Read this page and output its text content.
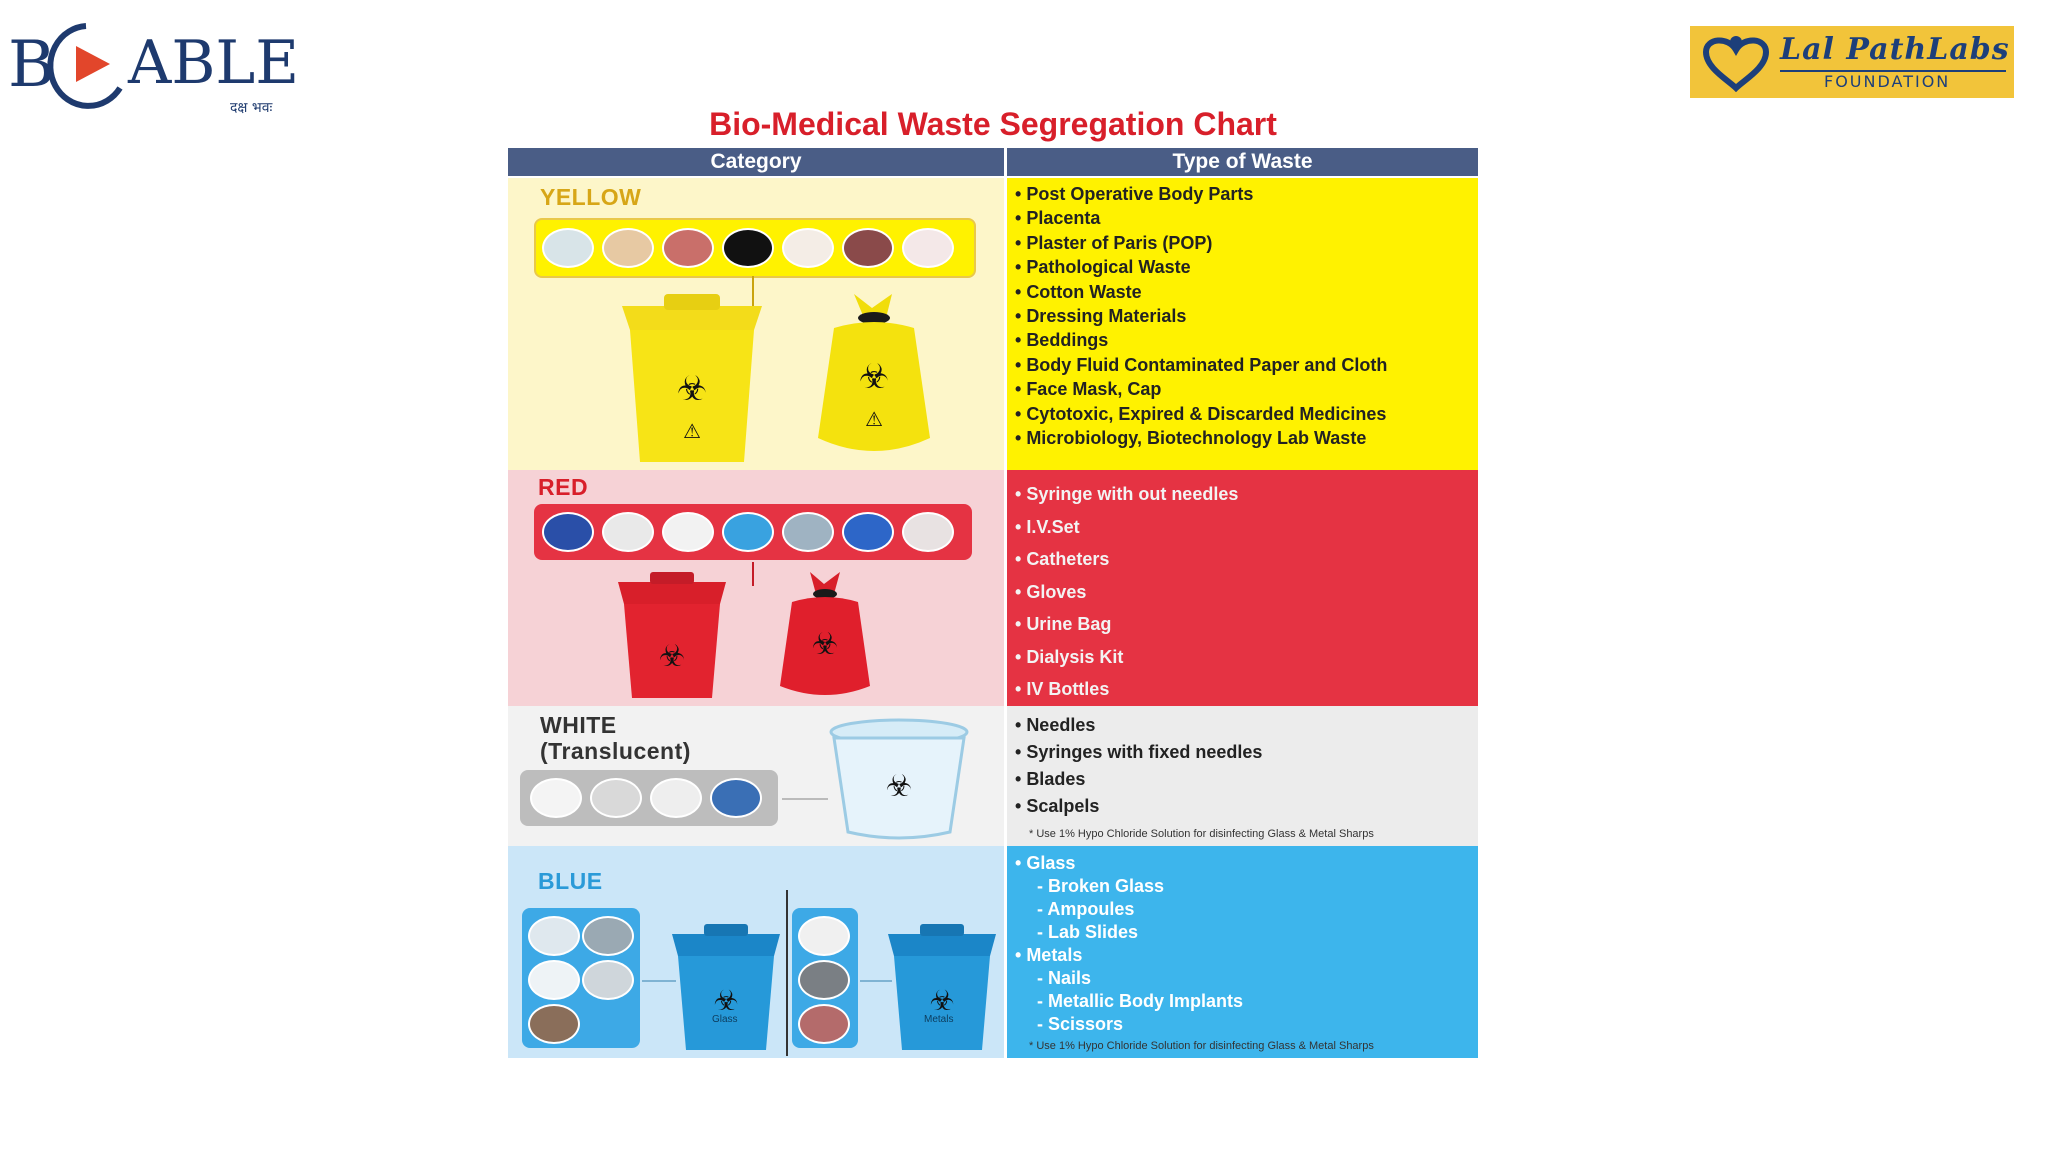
B ABLE
दक्ष भवः
Lal PathLabs
FOUNDATION
Bio-Medical Waste Segregation Chart
Category	Type of Waste
YELLOW
☣
⚠
☣
⚠
• Post Operative Body Parts
• Placenta
• Plaster of Paris (POP)
• Pathological Waste
• Cotton Waste
• Dressing Materials
• Beddings
• Body Fluid Contaminated Paper and Cloth
• Face Mask, Cap
• Cytotoxic, Expired & Discarded Medicines
• Microbiology, Biotechnology Lab Waste
RED
☣	☣
• Syringe with out needles
• I.V.Set
• Catheters
• Gloves
• Urine Bag
• Dialysis Kit
• IV Bottles
WHITE
(Translucent)
☣
• Needles
• Syringes with fixed needles
• Blades
• Scalpels
* Use 1% Hypo Chloride Solution for disinfecting Glass & Metal Sharps
BLUE
☣
Glass
☣
Metals
• Glass
- Broken Glass
- Ampoules
- Lab Slides
• Metals
- Nails
- Metallic Body Implants
- Scissors
* Use 1% Hypo Chloride Solution for disinfecting Glass & Metal Sharps
